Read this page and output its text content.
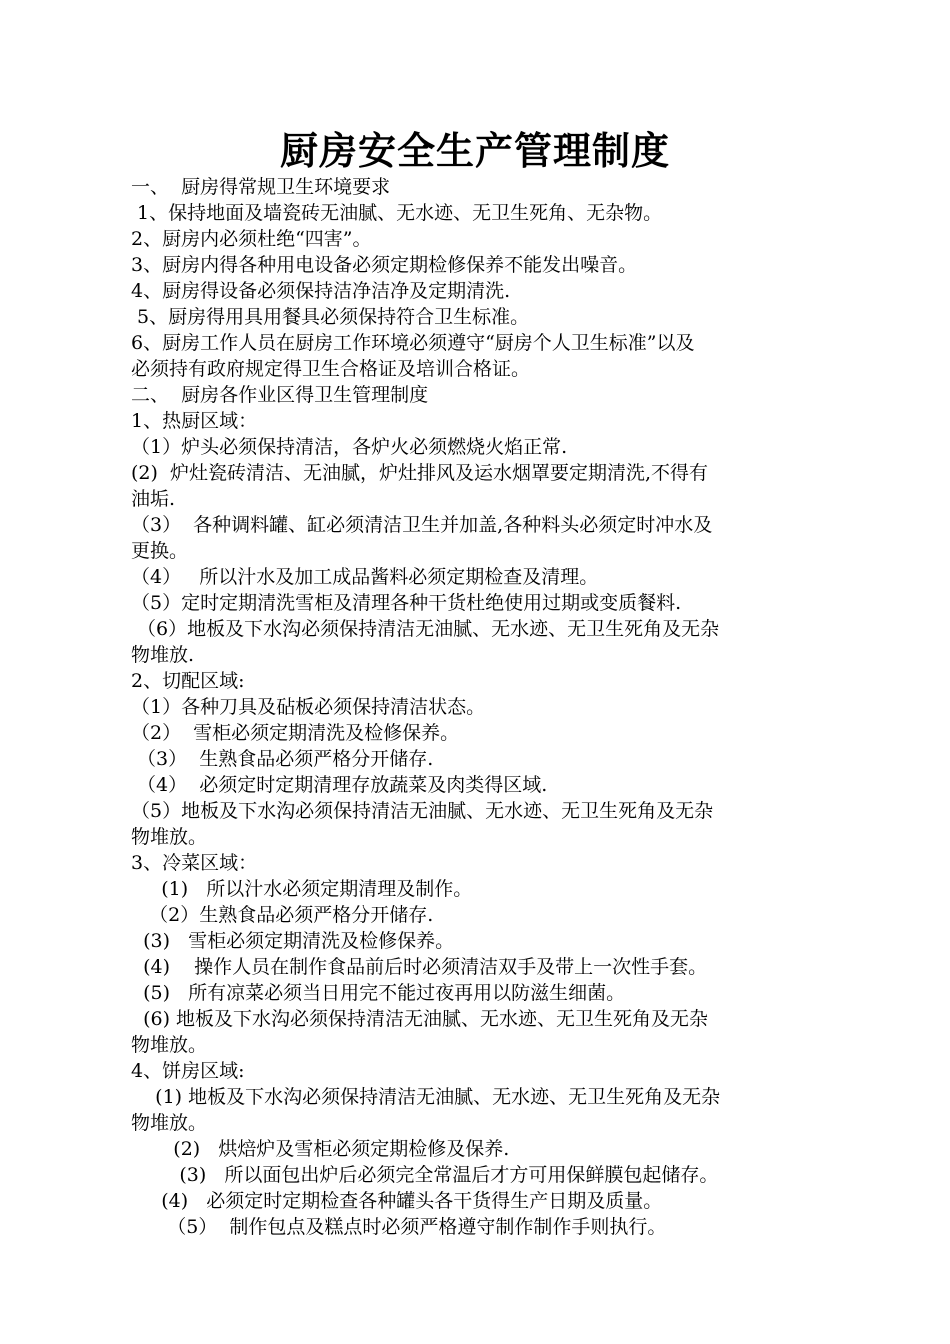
厨房安全生产管理制度
一、  厨房得常规卫生环境要求
1、保持地面及墙瓷砖无油腻、无水迹、无卫生死角、无杂物。
2、厨房内必须杜绝“四害”。
3、厨房内得各种用电设备必须定期检修保养不能发出噪音。
4、厨房得设备必须保持洁净洁净及定期清洗.
5、厨房得用具用餐具必须保持符合卫生标准。
6、厨房工作人员在厨房工作环境必须遵守“厨房个人卫生标准”以及
必须持有政府规定得卫生合格证及培训合格证。
二、  厨房各作业区得卫生管理制度
1、热厨区域：
（1）炉头必须保持清洁，各炉火必须燃烧火焰正常.
(2)  炉灶瓷砖清洁、无油腻，炉灶排风及运水烟罩要定期清洗,不得有
油垢.
（3）  各种调料罐、缸必须清洁卫生并加盖,各种料头必须定时冲水及
更换。
（4）   所以汁水及加工成品酱料必须定期检查及清理。
（5）定时定期清洗雪柜及清理各种干货杜绝使用过期或变质餐料.
（6）地板及下水沟必须保持清洁无油腻、无水迹、无卫生死角及无杂
物堆放.
2、切配区域:
（1）各种刀具及砧板必须保持清洁状态。
（2）  雪柜必须定期清洗及检修保养。
（3）  生熟食品必须严格分开储存.
（4）  必须定时定期清理存放蔬菜及肉类得区域.
（5）地板及下水沟必须保持清洁无油腻、无水迹、无卫生死角及无杂
物堆放。
3、冷菜区域：
(1)   所以汁水必须定期清理及制作。
（2）生熟食品必须严格分开储存.
(3)   雪柜必须定期清洗及检修保养。
(4)    操作人员在制作食品前后时必须清洁双手及带上一次性手套。
(5)   所有凉菜必须当日用完不能过夜再用以防滋生细菌。
(6) 地板及下水沟必须保持清洁无油腻、无水迹、无卫生死角及无杂
物堆放。
4、饼房区域:
(1) 地板及下水沟必须保持清洁无油腻、无水迹、无卫生死角及无杂
物堆放。
(2)   烘焙炉及雪柜必须定期检修及保养.
(3)   所以面包出炉后必须完全常温后才方可用保鲜膜包起储存。
(4)   必须定时定期检查各种罐头各干货得生产日期及质量。
（5）  制作包点及糕点时必须严格遵守制作制作手则执行。
